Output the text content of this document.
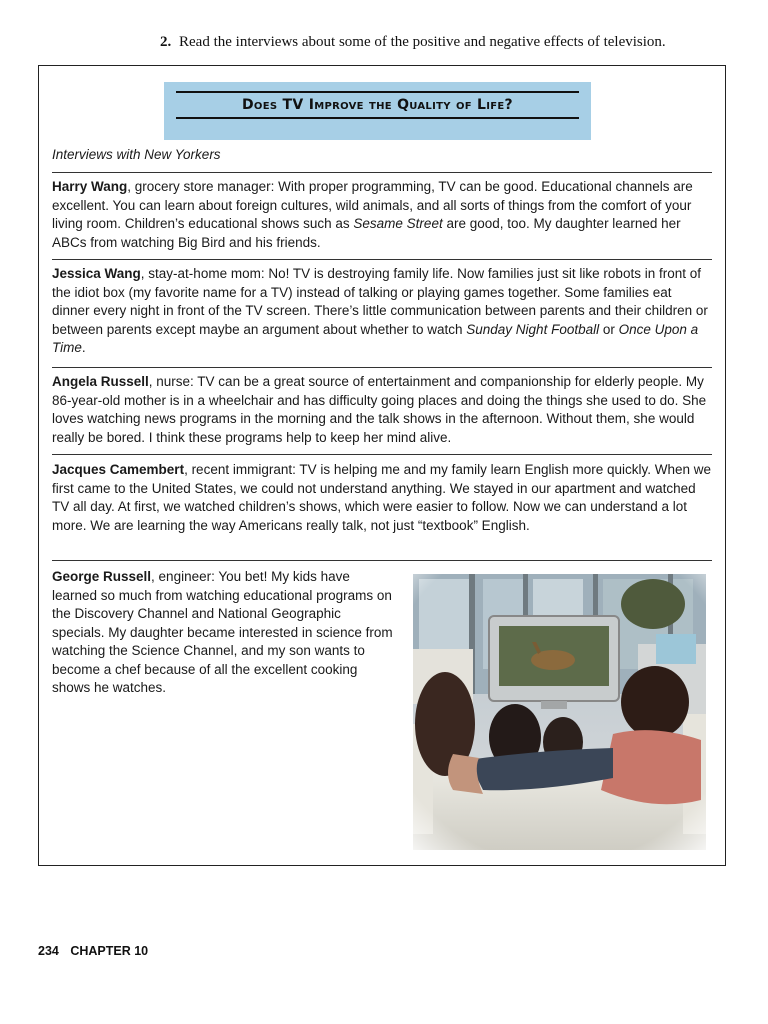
2. Read the interviews about some of the positive and negative effects of television.
Does TV Improve the Quality of Life?
Interviews with New Yorkers
Harry Wang, grocery store manager: With proper programming, TV can be good. Educational channels are excellent. You can learn about foreign cultures, wild animals, and all sorts of things from the comfort of your living room. Children’s educational shows such as Sesame Street are good, too. My daughter learned her ABCs from watching Big Bird and his friends.
Jessica Wang, stay-at-home mom: No! TV is destroying family life. Now families just sit like robots in front of the idiot box (my favorite name for a TV) instead of talking or playing games together. Some families eat dinner every night in front of the TV screen. There’s little communication between parents and their children or between parents except maybe an argument about whether to watch Sunday Night Football or Once Upon a Time.
Angela Russell, nurse: TV can be a great source of entertainment and companionship for elderly people. My 86-year-old mother is in a wheelchair and has difficulty going places and doing the things she used to do. She loves watching news programs in the morning and the talk shows in the afternoon. Without them, she would really be bored. I think these programs help to keep her mind alive.
Jacques Camembert, recent immigrant: TV is helping me and my family learn English more quickly. When we first came to the United States, we could not understand anything. We stayed in our apartment and watched TV all day. At first, we watched children’s shows, which were easier to follow. Now we can understand a lot more. We are learning the way Americans really talk, not just “textbook” English.
George Russell, engineer: You bet! My kids have learned so much from watching educational programs on the Discovery Channel and National Geographic specials. My daughter became interested in science from watching the Science Channel, and my son wants to become a chef because of all the excellent cooking shows he watches.
234 CHAPTER 10
